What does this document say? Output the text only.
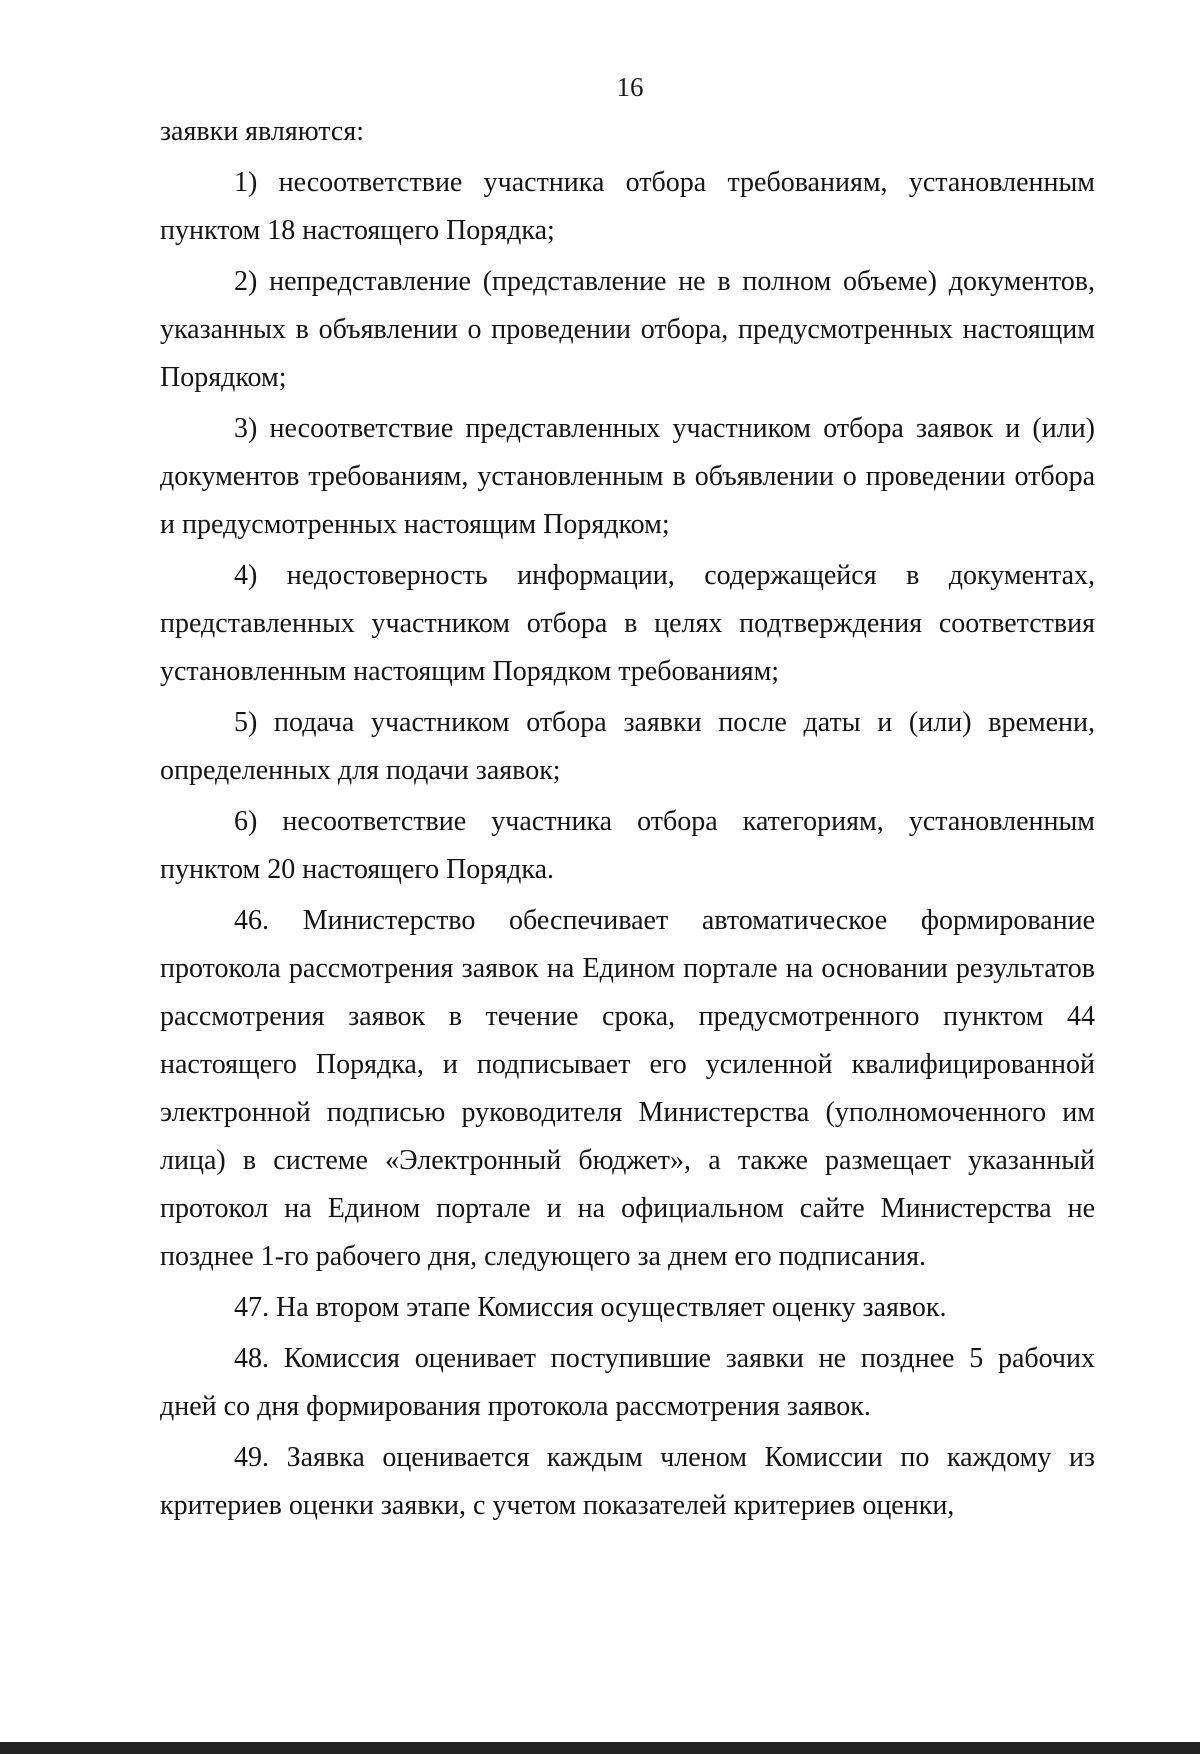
16

заявки являются:

1) несоответствие участника отбора требованиям, установленным пунктом 18 настоящего Порядка;

2) непредставление (представление не в полном объеме) документов, указанных в объявлении о проведении отбора, предусмотренных настоящим Порядком;

3) несоответствие представленных участником отбора заявок и (или) документов требованиям, установленным в объявлении о проведении отбора и предусмотренных настоящим Порядком;

4) недостоверность информации, содержащейся в документах, представленных участником отбора в целях подтверждения соответствия установленным настоящим Порядком требованиям;

5) подача участником отбора заявки после даты и (или) времени, определенных для подачи заявок;

6) несоответствие участника отбора категориям, установленным пунктом 20 настоящего Порядка.

46. Министерство обеспечивает автоматическое формирование протокола рассмотрения заявок на Едином портале на основании результатов рассмотрения заявок в течение срока, предусмотренного пунктом 44 настоящего Порядка, и подписывает его усиленной квалифицированной электронной подписью руководителя Министерства (уполномоченного им лица) в системе «Электронный бюджет», а также размещает указанный протокол на Едином портале и на официальном сайте Министерства не позднее 1-го рабочего дня, следующего за днем его подписания.

47. На втором этапе Комиссия осуществляет оценку заявок.

48. Комиссия оценивает поступившие заявки не позднее 5 рабочих дней со дня формирования протокола рассмотрения заявок.

49. Заявка оценивается каждым членом Комиссии по каждому из критериев оценки заявки, с учетом показателей критериев оценки,
